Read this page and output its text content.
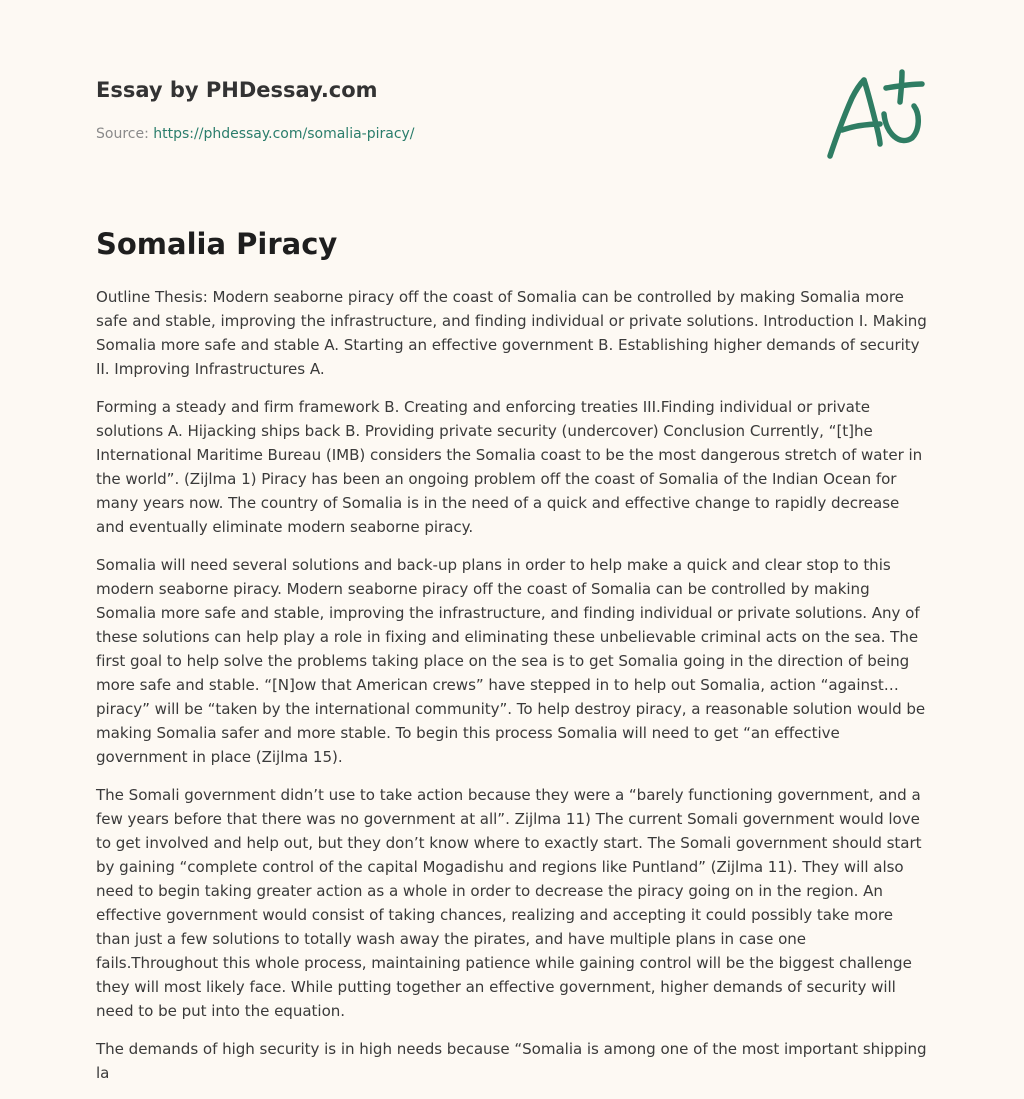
Essay by PHDessay.com

Source: https://phdessay.com/somalia-piracy/

Somalia Piracy

Outline Thesis: Modern seaborne piracy off the coast of Somalia can be controlled by making Somalia more safe and stable, improving the infrastructure, and finding individual or private solutions. Introduction I. Making Somalia more safe and stable A. Starting an effective government B. Establishing higher demands of security II. Improving Infrastructures A.

Forming a steady and firm framework B. Creating and enforcing treaties III.Finding individual or private solutions A. Hijacking ships back B. Providing private security (undercover) Conclusion Currently, “[t]he International Maritime Bureau (IMB) considers the Somalia coast to be the most dangerous stretch of water in the world”. (Zijlma 1) Piracy has been an ongoing problem off the coast of Somalia of the Indian Ocean for many years now. The country of Somalia is in the need of a quick and effective change to rapidly decrease and eventually eliminate modern seaborne piracy.

Somalia will need several solutions and back-up plans in order to help make a quick and clear stop to this modern seaborne piracy. Modern seaborne piracy off the coast of Somalia can be controlled by making Somalia more safe and stable, improving the infrastructure, and finding individual or private solutions. Any of these solutions can help play a role in fixing and eliminating these unbelievable criminal acts on the sea. The first goal to help solve the problems taking place on the sea is to get Somalia going in the direction of being more safe and stable. “[N]ow that American crews” have stepped in to help out Somalia, action “against…piracy” will be “taken by the international community”. To help destroy piracy, a reasonable solution would be making Somalia safer and more stable. To begin this process Somalia will need to get “an effective government in place (Zijlma 15).

The Somali government didn’t use to take action because they were a “barely functioning government, and a few years before that there was no government at all”. Zijlma 11) The current Somali government would love to get involved and help out, but they don’t know where to exactly start. The Somali government should start by gaining “complete control of the capital Mogadishu and regions like Puntland” (Zijlma 11). They will also need to begin taking greater action as a whole in order to decrease the piracy going on in the region. An effective government would consist of taking chances, realizing and accepting it could possibly take more than just a few solutions to totally wash away the pirates, and have multiple plans in case one fails.Throughout this whole process, maintaining patience while gaining control will be the biggest challenge they will most likely face. While putting together an effective government, higher demands of security will need to be put into the equation.

The demands of high security is in high needs because “Somalia is among one of the most important shipping la
